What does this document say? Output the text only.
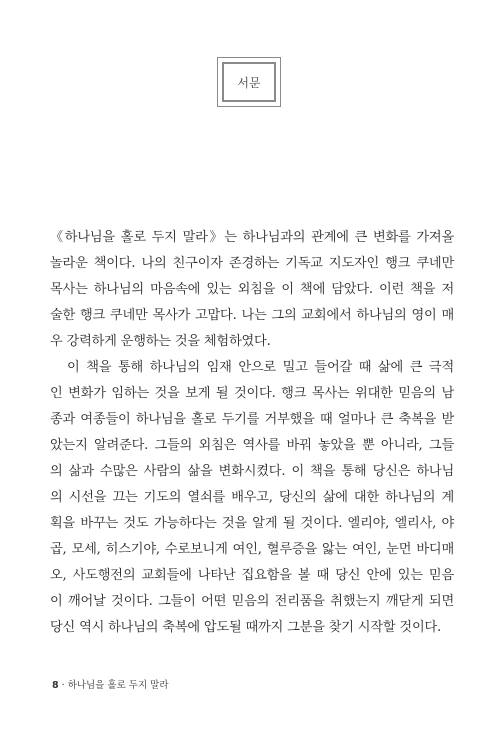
서문
《하나님을 홀로 두지 말라》는 하나님과의 관계에 큰 변화를 가져올
놀라운 책이다. 나의 친구이자 존경하는 기독교 지도자인 행크 쿠네만
목사는 하나님의 마음속에 있는 외침을 이 책에 담았다. 이런 책을 저
술한 행크 쿠네만 목사가 고맙다. 나는 그의 교회에서 하나님의 영이 매
우 강력하게 운행하는 것을 체험하였다.
이 책을 통해 하나님의 임재 안으로 밀고 들어갈 때 삶에 큰 극적
인 변화가 임하는 것을 보게 될 것이다. 행크 목사는 위대한 믿음의 남
종과 여종들이 하나님을 홀로 두기를 거부했을 때 얼마나 큰 축복을 받
았는지 알려준다. 그들의 외침은 역사를 바꿔 놓았을 뿐 아니라, 그들
의 삶과 수많은 사람의 삶을 변화시켰다. 이 책을 통해 당신은 하나님
의 시선을 끄는 기도의 열쇠를 배우고, 당신의 삶에 대한 하나님의 계
획을 바꾸는 것도 가능하다는 것을 알게 될 것이다. 엘리야, 엘리사, 야
곱, 모세, 히스기야, 수로보니게 여인, 혈루증을 앓는 여인, 눈먼 바디매
오, 사도행전의 교회들에 나타난 집요함을 볼 때 당신 안에 있는 믿음
이 깨어날 것이다. 그들이 어떤 믿음의 전리품을 취했는지 깨닫게 되면
당신 역시 하나님의 축복에 압도될 때까지 그분을 찾기 시작할 것이다.
8 · 하나님을 홀로 두지 말라
